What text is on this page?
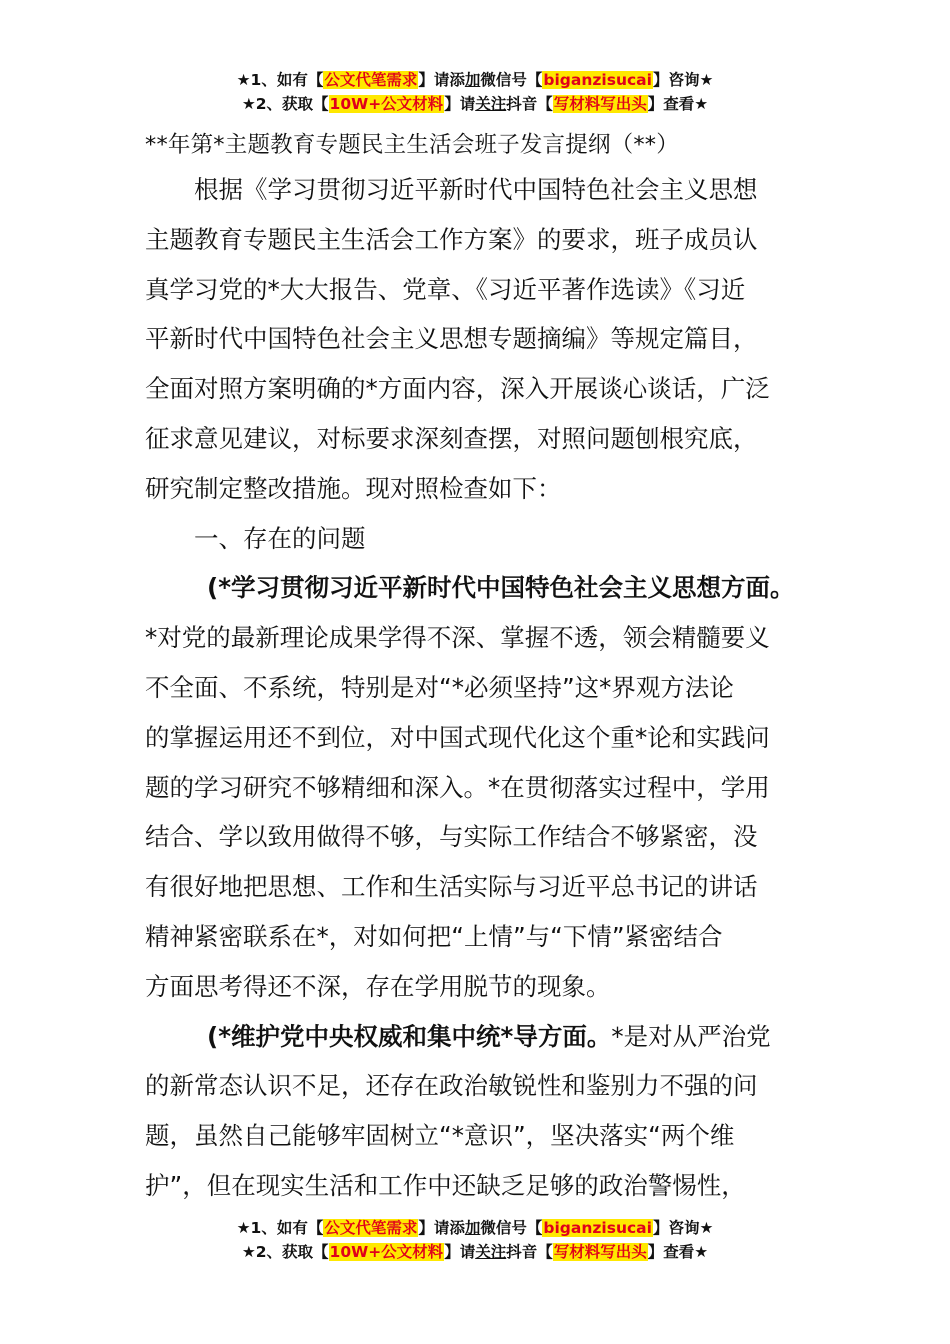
★1、如有【公文代笔需求】请添加微信号【biganzisucai】咨询★
★2、获取【10W+公文材料】请关注抖音【写材料写出头】查看★
**年第*主题教育专题民主生活会班子发言提纲（**）
根据《学习贯彻习近平新时代中国特色社会主义思想
主题教育专题民主生活会工作方案》的要求，班子成员认
真学习党的*大大报告、党章、《习近平著作选读》《习近
平新时代中国特色社会主义思想专题摘编》等规定篇目，
全面对照方案明确的*方面内容，深入开展谈心谈话，广泛
征求意见建议，对标要求深刻查摆，对照问题刨根究底，
研究制定整改措施。现对照检查如下：
一、存在的问题
(*学习贯彻习近平新时代中国特色社会主义思想方面。
*对党的最新理论成果学得不深、掌握不透，领会精髓要义
不全面、不系统，特别是对“*必须坚持”这*界观方法论
的掌握运用还不到位，对中国式现代化这个重*论和实践问
题的学习研究不够精细和深入。*在贯彻落实过程中，学用
结合、学以致用做得不够，与实际工作结合不够紧密，没
有很好地把思想、工作和生活实际与习近平总书记的讲话
精神紧密联系在*，对如何把“上情”与“下情”紧密结合
方面思考得还不深，存在学用脱节的现象。
(*维护党中央权威和集中统*导方面。*是对从严治党
的新常态认识不足，还存在政治敏锐性和鉴别力不强的问
题，虽然自己能够牢固树立“*意识”，坚决落实“两个维
护”，但在现实生活和工作中还缺乏足够的政治警惕性，
★1、如有【公文代笔需求】请添加微信号【biganzisucai】咨询★
★2、获取【10W+公文材料】请关注抖音【写材料写出头】查看★
